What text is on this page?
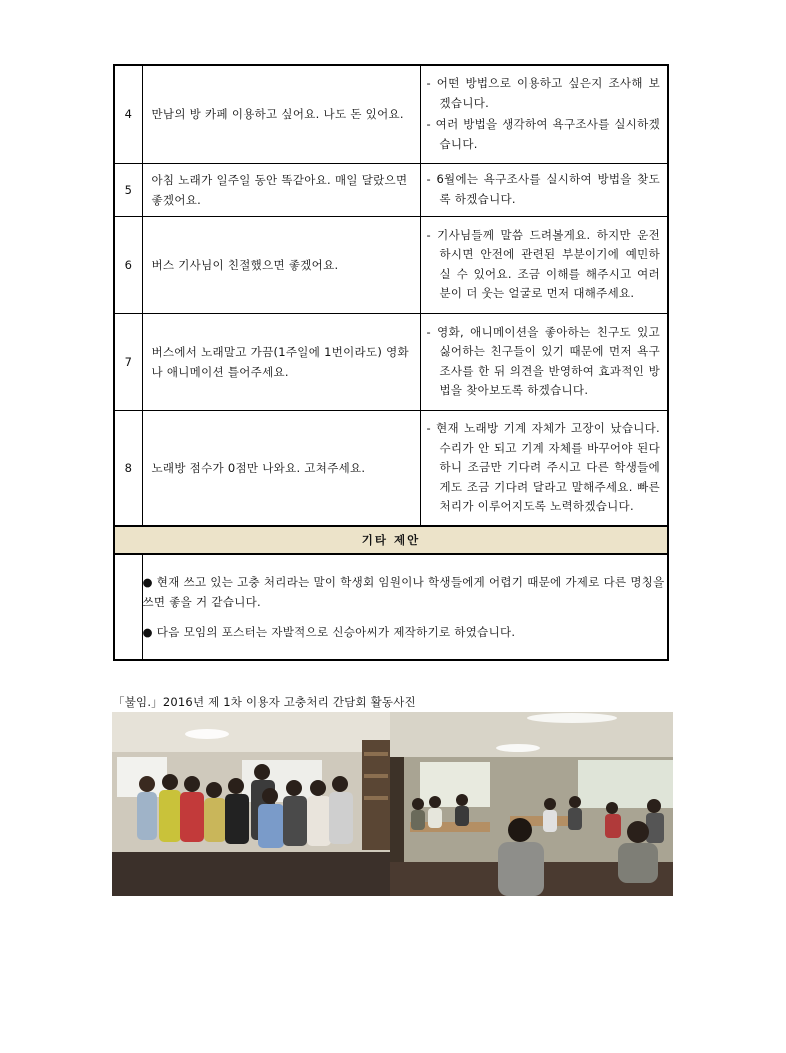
4	만남의 방 카페 이용하고 싶어요. 나도 돈 있어요.	- 어떤 방법으로 이용하고 싶은지 조사해 보겠습니다.
- 여러 방법을 생각하여 욕구조사를 실시하겠습니다.

5	아침 노래가 일주일 동안 똑같아요. 매일 달랐으면 좋겠어요.	- 6월에는 욕구조사를 실시하여 방법을 찾도록 하겠습니다.

6	버스 기사님이 친절했으면 좋겠어요.	- 기사님들께 말씀 드려볼게요. 하지만 운전하시면 안전에 관련된 부분이기에 예민하실 수 있어요. 조금 이해를 해주시고 여러분이 더 웃는 얼굴로 먼저 대해주세요.

7	버스에서 노래말고 가끔(1주일에 1번이라도) 영화나 애니메이션 틀어주세요.	- 영화, 애니메이션을 좋아하는 친구도 있고 싫어하는 친구들이 있기 때문에 먼저 욕구 조사를 한 뒤 의견을 반영하여 효과적인 방법을 찾아보도록 하겠습니다.

8	노래방 점수가 0점만 나와요. 고쳐주세요.	- 현재 노래방 기계 자체가 고장이 났습니다. 수리가 안 되고 기계 자체를 바꾸어야 된다 하니 조금만 기다려 주시고 다른 학생들에게도 조금 기다려 달라고 말해주세요. 빠른 처리가 이루어지도록 노력하겠습니다.

기타 제안		

	● 현재 쓰고 있는 고충 처리라는 말이 학생회 임원이나 학생들에게 어렵기 때문에 가제로 다른 명칭을 쓰면 좋을 거 같습니다.

● 다음 모임의 포스터는 자발적으로 신승아씨가 제작하기로 하였습니다.	

「불임.」2016년 제 1차 이용자 고충처리 간담회 활동사진
